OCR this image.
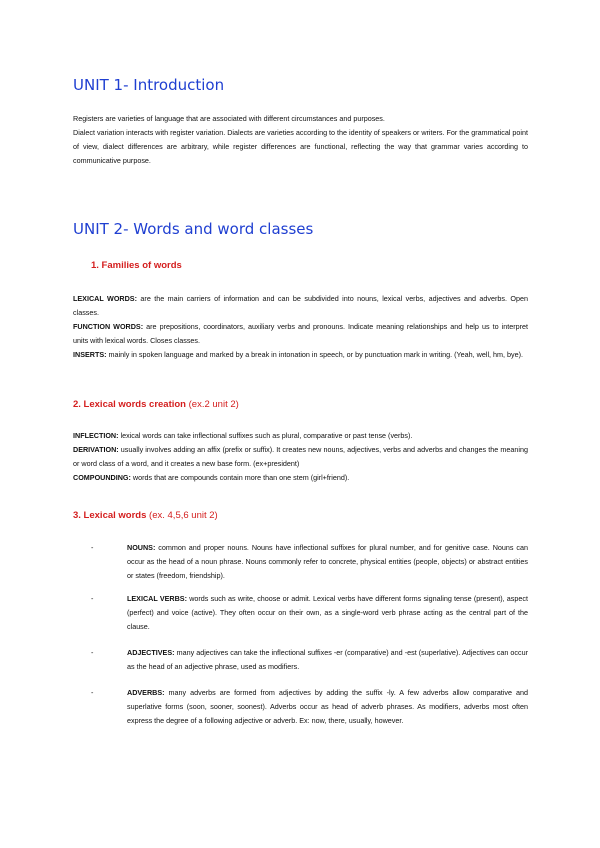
UNIT 1- Introduction

Registers are varieties of language that are associated with different circumstances and purposes.

Dialect variation interacts with register variation. Dialects are varieties according to the identity of speakers or writers. For the grammatical point of view, dialect differences are arbitrary, while register differences are functional, reflecting the way that grammar varies according to communicative purpose.

UNIT 2- Words and word classes
1. Families of words

LEXICAL WORDS: are the main carriers of information and can be subdivided into nouns, lexical verbs, adjectives and adverbs. Open classes.

FUNCTION WORDS: are prepositions, coordinators, auxiliary verbs and pronouns. Indicate meaning relationships and help us to interpret units with lexical words. Closes classes.

INSERTS: mainly in spoken language and marked by a break in intonation in speech, or by punctuation mark in writing. (Yeah, well, hm, bye).

2. Lexical words creation (ex.2 unit 2)

INFLECTION: lexical words can take inflectional suffixes such as plural, comparative or past tense (verbs).

DERIVATION: usually involves adding an affix (prefix or suffix). It creates new nouns, adjectives, verbs and adverbs and changes the meaning or word class of a word, and it creates a new base form. (ex+president)

COMPOUNDING: words that are compounds contain more than one stem (girl+friend).

3. Lexical words (ex. 4,5,6 unit 2)
-	NOUNS: common and proper nouns. Nouns have inflectional suffixes for plural number, and for genitive case. Nouns can occur as the head of a noun phrase. Nouns commonly refer to concrete, physical entities (people, objects) or abstract entities or states (freedom, friendship).
-	LEXICAL VERBS: words such as write, choose or admit. Lexical verbs have different forms signaling tense (present), aspect (perfect) and voice (active). They often occur on their own, as a single-word verb phrase acting as the central part of the clause.
-	ADJECTIVES: many adjectives can take the inflectional suffixes -er (comparative) and -est (superlative). Adjectives can occur as the head of an adjective phrase, used as modifiers.
-	ADVERBS: many adverbs are formed from adjectives by adding the suffix -ly. A few adverbs allow comparative and superlative forms (soon, sooner, soonest). Adverbs occur as head of adverb phrases. As modifiers, adverbs most often express the degree of a following adjective or adverb. Ex: now, there, usually, however.
